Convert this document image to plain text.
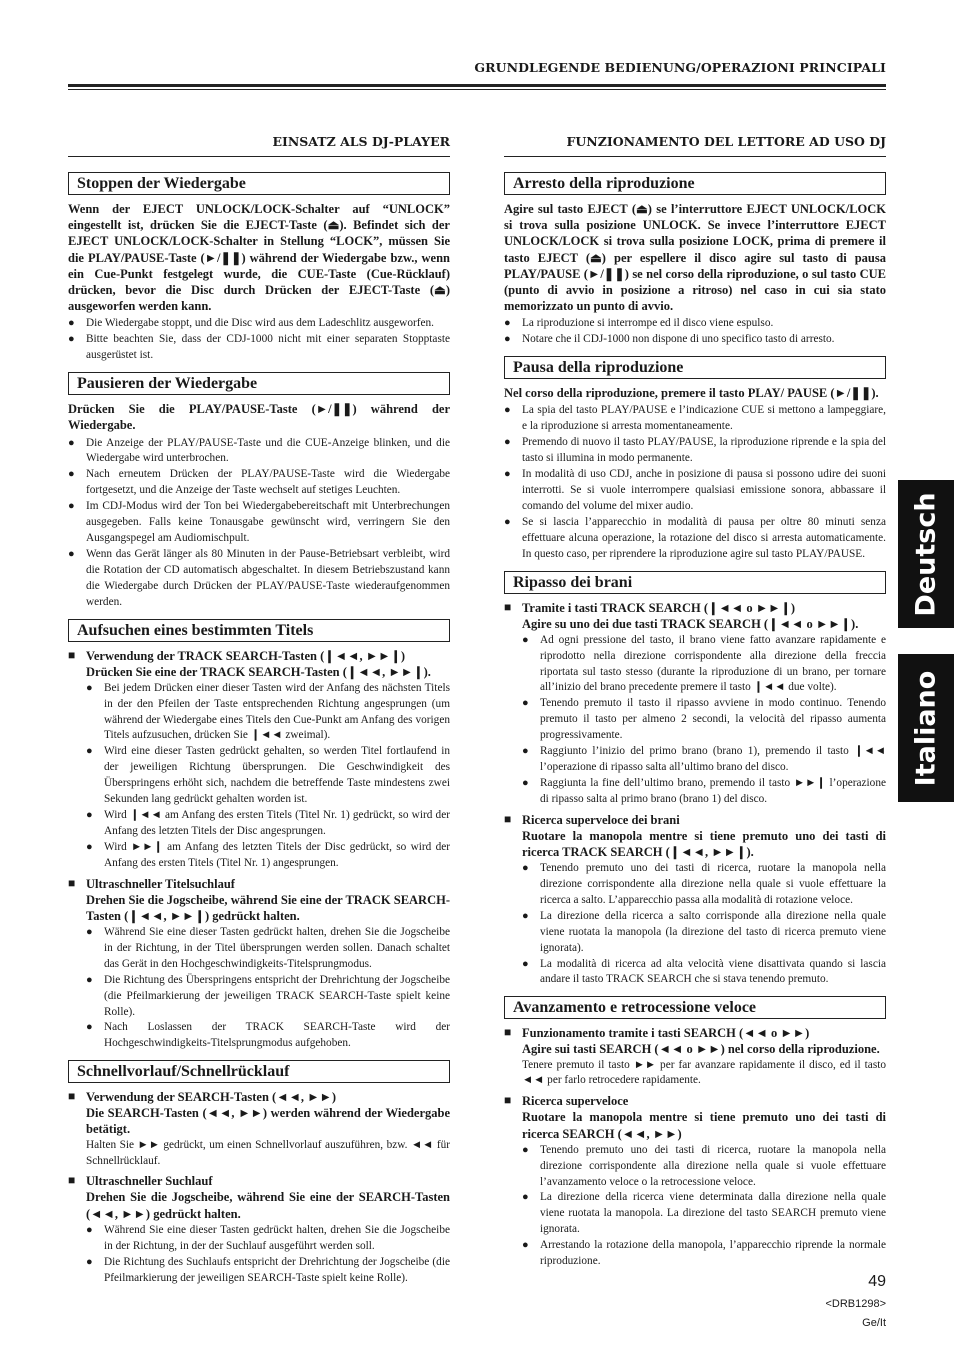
GRUNDLEGENDE BEDIENUNG/OPERAZIONI PRINCIPALI
EINSATZ ALS DJ-PLAYER
Stoppen der Wiedergabe
Wenn der EJECT UNLOCK/LOCK-Schalter auf “UNLOCK” eingestellt ist, drücken Sie die EJECT-Taste (⏏). Befindet sich der EJECT UNLOCK/LOCK-Schalter in Stellung “LOCK”, müssen Sie die PLAY/PAUSE-Taste (►/❚❚) während der Wiedergabe bzw., wenn ein Cue-Punkt festgelegt wurde, die CUE-Taste (Cue-Rücklauf) drücken, bevor die Disc durch Drücken der EJECT-Taste (⏏) ausgeworfen werden kann.
● Die Wiedergabe stoppt, und die Disc wird aus dem Ladeschlitz ausgeworfen.
● Bitte beachten Sie, dass der CDJ-1000 nicht mit einer separaten Stopptaste ausgerüstet ist.
Pausieren der Wiedergabe
Drücken Sie die PLAY/PAUSE-Taste (►/❚❚) während der Wiedergabe.
● Die Anzeige der PLAY/PAUSE-Taste und die CUE-Anzeige blinken, und die Wiedergabe wird unterbrochen.
● Nach erneutem Drücken der PLAY/PAUSE-Taste wird die Wiedergabe fortgesetzt, und die Anzeige der Taste wechselt auf stetiges Leuchten.
● Im CDJ-Modus wird der Ton bei Wiedergabebereitschaft mit Unterbrechungen ausgegeben. Falls keine Tonausgabe gewünscht wird, verringern Sie den Ausgangspegel am Audiomischpult.
● Wenn das Gerät länger als 80 Minuten in der Pause-Betriebsart verbleibt, wird die Rotation der CD automatisch abgeschaltet. In diesem Betriebszustand kann die Wiedergabe durch Drücken der PLAY/PAUSE-Taste wiederaufgenommen werden.
Aufsuchen eines bestimmten Titels
■ Verwendung der TRACK SEARCH-Tasten (❙◄◄, ►►❙)
Drücken Sie eine der TRACK SEARCH-Tasten (❙◄◄, ►►❙).
● Bei jedem Drücken einer dieser Tasten wird der Anfang des nächsten Titels in der den Pfeilen der Taste entsprechenden Richtung angesprungen (um während der Wiedergabe eines Titels den Cue-Punkt am Anfang des vorigen Titels aufzusuchen, drücken Sie ❙◄◄ zweimal).
● Wird eine dieser Tasten gedrückt gehalten, so werden Titel fortlaufend in der jeweiligen Richtung übersprungen. Die Geschwindigkeit des Überspringens erhöht sich, nachdem die betreffende Taste mindestens zwei Sekunden lang gedrückt gehalten worden ist.
● Wird ❙◄◄ am Anfang des ersten Titels (Titel Nr. 1) gedrückt, so wird der Anfang des letzten Titels der Disc angesprungen.
● Wird ►►❙ am Anfang des letzten Titels der Disc gedrückt, so wird der Anfang des ersten Titels (Titel Nr. 1) angesprungen.
■ Ultraschneller Titelsuchlauf
Drehen Sie die Jogscheibe, während Sie eine der TRACK SEARCH-Tasten (❙◄◄, ►►❙) gedrückt halten.
● Während Sie eine dieser Tasten gedrückt halten, drehen Sie die Jogscheibe in der Richtung, in der Titel übersprungen werden sollen. Danach schaltet das Gerät in den Hochgeschwindigkeits-Titelsprungmodus.
● Die Richtung des Überspringens entspricht der Drehrichtung der Jogscheibe (die Pfeilmarkierung der jeweiligen TRACK SEARCH-Taste spielt keine Rolle).
● Nach Loslassen der TRACK SEARCH-Taste wird der Hochgeschwindigkeits-Titelsprungmodus aufgehoben.
Schnellvorlauf/Schnellrücklauf
■ Verwendung der SEARCH-Tasten (◄◄, ►►)
Die SEARCH-Tasten (◄◄, ►►) werden während der Wiedergabe betätigt.
Halten Sie ►► gedrückt, um einen Schnellvorlauf auszuführen, bzw. ◄◄ für Schnellrücklauf.
■ Ultraschneller Suchlauf
Drehen Sie die Jogscheibe, während Sie eine der SEARCH-Tasten (◄◄, ►►) gedrückt halten.
● Während Sie eine dieser Tasten gedrückt halten, drehen Sie die Jogscheibe in der Richtung, in der der Suchlauf ausgeführt werden soll.
● Die Richtung des Suchlaufs entspricht der Drehrichtung der Jogscheibe (die Pfeilmarkierung der jeweiligen SEARCH-Taste spielt keine Rolle).
FUNZIONAMENTO DEL LETTORE AD USO DJ
Arresto della riproduzione
Agire sul tasto EJECT (⏏) se l’interruttore EJECT UNLOCK/LOCK si trova sulla posizione UNLOCK. Se invece l’interruttore EJECT UNLOCK/LOCK si trova sulla posizione LOCK, prima di premere il tasto EJECT (⏏) per espellere il disco agire sul tasto di pausa PLAY/PAUSE (►/❚❚) se nel corso della riproduzione, o sul tasto CUE (punto di avvio in posizione a ritroso) nel caso in cui sia stato memorizzato un punto di avvio.
● La riproduzione si interrompe ed il disco viene espulso.
● Notare che il CDJ-1000 non dispone di uno specifico tasto di arresto.
Pausa della riproduzione
Nel corso della riproduzione, premere il tasto PLAY/ PAUSE (►/❚❚).
● La spia del tasto PLAY/PAUSE e l’indicazione CUE si mettono a lampeggiare, e la riproduzione si arresta momentaneamente.
● Premendo di nuovo il tasto PLAY/PAUSE, la riproduzione riprende e la spia del tasto si illumina in modo permanente.
● In modalità di uso CDJ, anche in posizione di pausa si possono udire dei suoni interrotti. Se si vuole interrompere qualsiasi emissione sonora, abbassare il comando del volume del mixer audio.
● Se si lascia l’apparecchio in modalità di pausa per oltre 80 minuti senza effettuare alcuna operazione, la rotazione del disco si arresta automaticamente. In questo caso, per riprendere la riproduzione agire sul tasto PLAY/PAUSE.
Ripasso dei brani
■ Tramite i tasti TRACK SEARCH (❙◄◄ o ►►❙)
Agire su uno dei due tasti TRACK SEARCH (❙◄◄ o ►►❙).
● Ad ogni pressione del tasto, il brano viene fatto avanzare rapidamente e riprodotto nella direzione corrispondente alla direzione della freccia riportata sul tasto stesso (durante la riproduzione di un brano, per tornare all’inizio del brano precedente premere il tasto ❙◄◄ due volte).
● Tenendo premuto il tasto il ripasso avviene in modo continuo. Tenendo premuto il tasto per almeno 2 secondi, la velocità del ripasso aumenta progressivamente.
● Raggiunto l’inizio del primo brano (brano 1), premendo il tasto ❙◄◄ l’operazione di ripasso salta all’ultimo brano del disco.
● Raggiunta la fine dell’ultimo brano, premendo il tasto ►►❙ l’operazione di ripasso salta al primo brano (brano 1) del disco.
■ Ricerca superveloce dei brani
Ruotare la manopola mentre si tiene premuto uno dei tasti di ricerca TRACK SEARCH (❙◄◄, ►►❙).
● Tenendo premuto uno dei tasti di ricerca, ruotare la manopola nella direzione corrispondente alla direzione nella quale si vuole effettuare la ricerca a salto. L’apparecchio passa alla modalità di rotazione veloce.
● La direzione della ricerca a salto corrisponde alla direzione nella quale viene ruotata la manopola (la direzione del tasto di ricerca premuto viene ignorata).
● La modalità di ricerca ad alta velocità viene disattivata quando si lascia andare il tasto TRACK SEARCH che si stava tenendo premuto.
Avanzamento e retrocessione veloce
■ Funzionamento tramite i tasti SEARCH (◄◄ o ►►)
Agire sui tasti SEARCH (◄◄ o ►►) nel corso della riproduzione.
Tenere premuto il tasto ►► per far avanzare rapidamente il disco, ed il tasto ◄◄ per farlo retrocedere rapidamente.
■ Ricerca superveloce
Ruotare la manopola mentre si tiene premuto uno dei tasti di ricerca SEARCH (◄◄, ►►)
● Tenendo premuto uno dei tasti di ricerca, ruotare la manopola nella direzione corrispondente alla direzione nella quale si vuole effettuare l’avanzamento veloce o la retrocessione veloce.
● La direzione della ricerca viene determinata dalla direzione nella quale viene ruotata la manopola. La direzione del tasto SEARCH premuto viene ignorata.
● Arrestando la rotazione della manopola, l’apparecchio riprende la normale riproduzione.
Deutsch
Italiano
49
<DRB1298>
Ge/It
